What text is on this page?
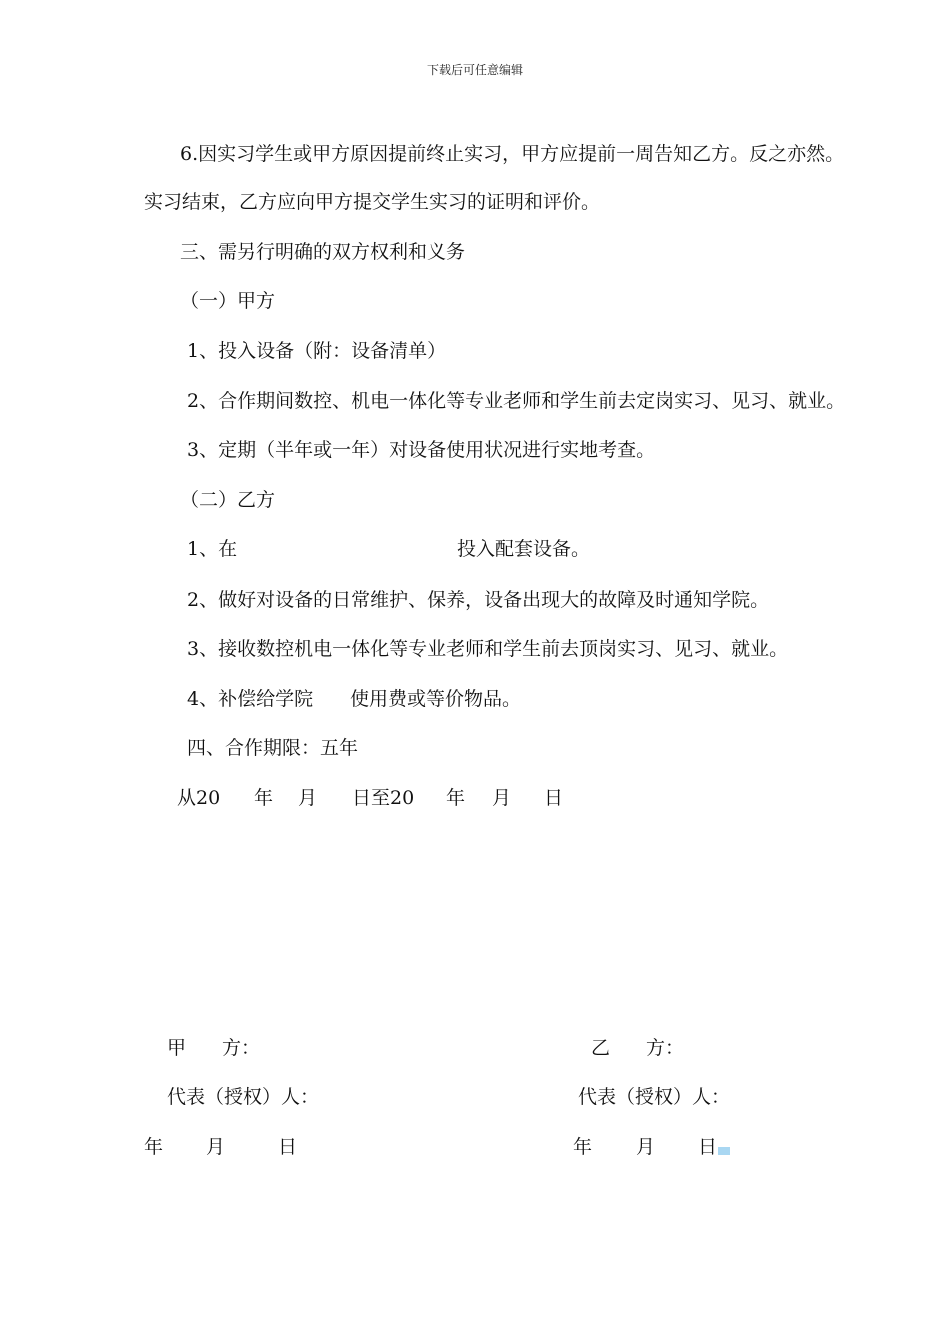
下载后可任意编辑
6.因实习学生或甲方原因提前终止实习，甲方应提前一周告知乙方。反之亦然。
实习结束，乙方应向甲方提交学生实习的证明和评价。
三、需另行明确的双方权利和义务
（一）甲方
1、投入设备（附：设备清单）
2、合作期间数控、机电一体化等专业老师和学生前去定岗实习、见习、就业。
3、定期（半年或一年）对设备使用状况进行实地考查。
（二）乙方
1、在	投入配套设备。
2、做好对设备的日常维护、保养，设备出现大的故障及时通知学院。
3、接收数控机电一体化等专业老师和学生前去顶岗实习、见习、就业。
4、补偿给学院 使用费或等价物品。
四、合作期限：五年
从20 年 月 日至20 年 月 日
甲 方：
代表（授权）人：
年 月	日
乙 方：
代表（授权）人：
年 月 日
